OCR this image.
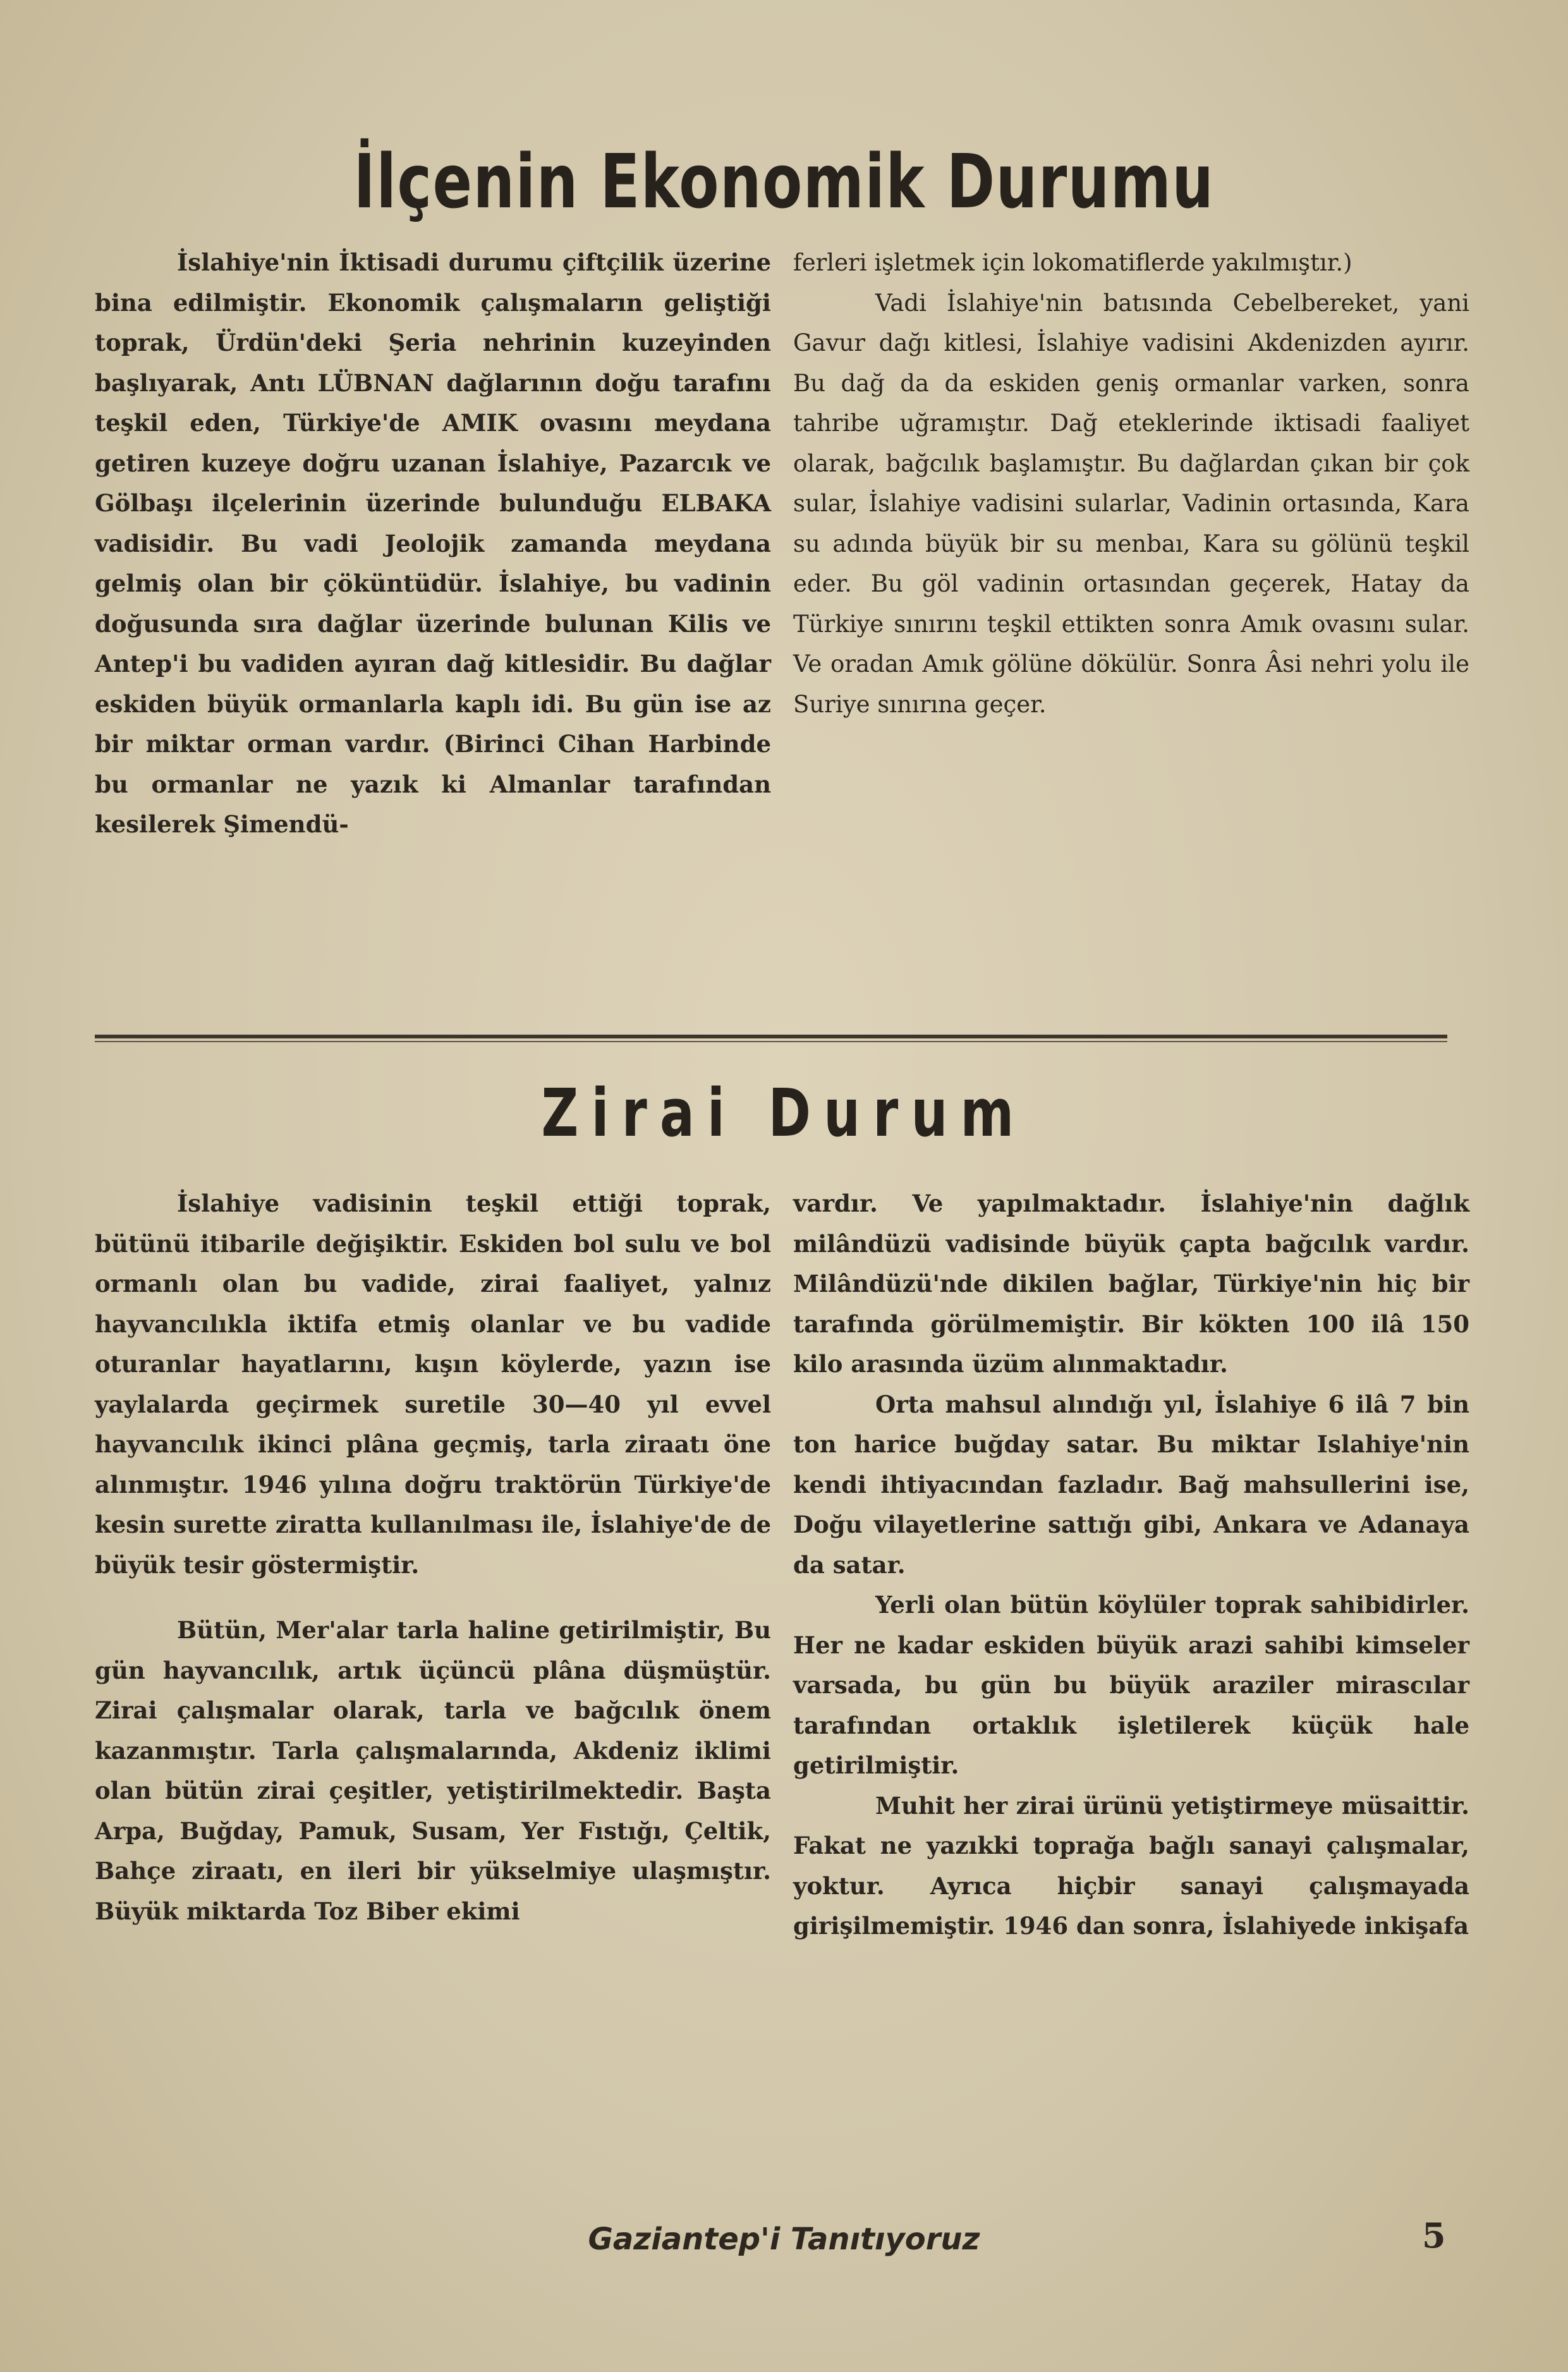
İlçenin Ekonomik Durumu

İslahiye'nin İktisadi durumu çiftçilik üzerine bina edilmiştir. Ekonomik çalışmaların geliştiği toprak, Ürdün'deki Şeria nehrinin kuzeyinden başlıyarak, Antı LÜBNAN dağlarının doğu tarafını teşkil eden, Türkiye'de AMIK ovasını meydana getiren kuzeye doğru uzanan İslahiye, Pazarcık ve Gölbaşı ilçelerinin üzerinde bulunduğu ELBAKA vadisidir. Bu vadi Jeolojik zamanda meydana gelmiş olan bir çöküntüdür. İslahiye, bu vadinin doğusunda sıra dağlar üzerinde bulunan Kilis ve Antep'i bu vadiden ayıran dağ kitlesidir. Bu dağlar eskiden büyük ormanlarla kaplı idi. Bu gün ise az bir miktar orman vardır. (Birinci Cihan Harbinde bu ormanlar ne yazık ki Almanlar tarafından kesilerek Şimendü-

ferleri işletmek için lokomatiflerde yakılmıştır.)

Vadi İslahiye'nin batısında Cebelbereket, yani Gavur dağı kitlesi, İslahiye vadisini Akdenizden ayırır. Bu dağ da da eskiden geniş ormanlar varken, sonra tahribe uğramıştır. Dağ eteklerinde iktisadi faaliyet olarak, bağcılık başlamıştır. Bu dağlardan çıkan bir çok sular, İslahiye vadisini sularlar, Vadinin ortasında, Kara su adında büyük bir su menbaı, Kara su gölünü teşkil eder. Bu göl vadinin ortasından geçerek, Hatay da Türkiye sınırını teşkil ettikten sonra Amık ovasını sular. Ve oradan Amık gölüne dökülür. Sonra Âsi nehri yolu ile Suriye sınırına geçer.

Zirai Durum

İslahiye vadisinin teşkil ettiği toprak, bütünü itibarile değişiktir. Eskiden bol sulu ve bol ormanlı olan bu vadide, zirai faaliyet, yalnız hayvancılıkla iktifa etmiş olanlar ve bu vadide oturanlar hayatlarını, kışın köylerde, yazın ise yaylalarda geçirmek suretile 30—40 yıl evvel hayvancılık ikinci plâna geçmiş, tarla ziraatı öne alınmıştır. 1946 yılına doğru traktörün Türkiye'de kesin surette ziratta kullanılması ile, İslahiye'de de büyük tesir göstermiştir.

Bütün, Mer'alar tarla haline getirilmiştir, Bu gün hayvancılık, artık üçüncü plâna düşmüştür. Zirai çalışmalar olarak, tarla ve bağcılık önem kazanmıştır. Tarla çalışmalarında, Akdeniz iklimi olan bütün zirai çeşitler, yetiştirilmektedir. Başta Arpa, Buğday, Pamuk, Susam, Yer Fıstığı, Çeltik, Bahçe ziraatı, en ileri bir yükselmiye ulaşmıştır. Büyük miktarda Toz Biber ekimi

vardır. Ve yapılmaktadır. İslahiye'nin dağlık milândüzü vadisinde büyük çapta bağcılık vardır. Milândüzü'nde dikilen bağlar, Türkiye'nin hiç bir tarafında görülmemiştir. Bir kökten 100 ilâ 150 kilo arasında üzüm alınmaktadır.

Orta mahsul alındığı yıl, İslahiye 6 ilâ 7 bin ton harice buğday satar. Bu miktar Islahiye'nin kendi ihtiyacından fazladır. Bağ mahsullerini ise, Doğu vilayetlerine sattığı gibi, Ankara ve Adanaya da satar.

Yerli olan bütün köylüler toprak sahibidirler. Her ne kadar eskiden büyük arazi sahibi kimseler varsada, bu gün bu büyük araziler mirascılar tarafından ortaklık işletilerek küçük hale getirilmiştir.

Muhit her zirai ürünü yetiştirmeye müsaittir. Fakat ne yazıkki toprağa bağlı sanayi çalışmalar, yoktur. Ayrıca hiçbir sanayi çalışmayada girişilmemiştir. 1946 dan sonra, İslahiyede inkişafa

Gaziantep'i Tanıtıyoruz	5
